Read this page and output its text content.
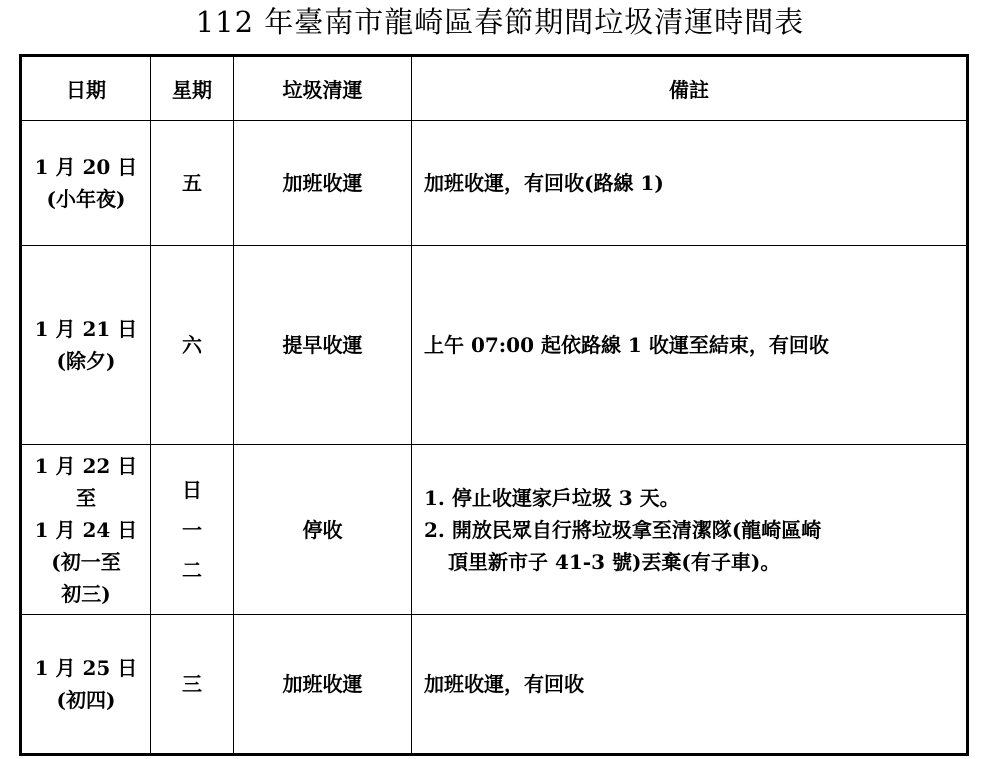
112 年臺南市龍崎區春節期間垃圾清運時間表
日期	星期	垃圾清運	備註

1 月 20 日
(小年夜)	五	加班收運	加班收運，有回收(路線 1)

1 月 21 日
(除夕)	六	提早收運	上午 07:00 起依路線 1 收運至結束，有回收

1 月 22 日
至
1 月 24 日
(初一至
初三)	日
一
二	停收	1. 停止收運家戶垃圾 3 天。
2. 開放民眾自行將垃圾拿至清潔隊(龍崎區崎
頂里新市子 41-3 號)丟棄(有子車)。

1 月 25 日
(初四)	三	加班收運	加班收運，有回收
